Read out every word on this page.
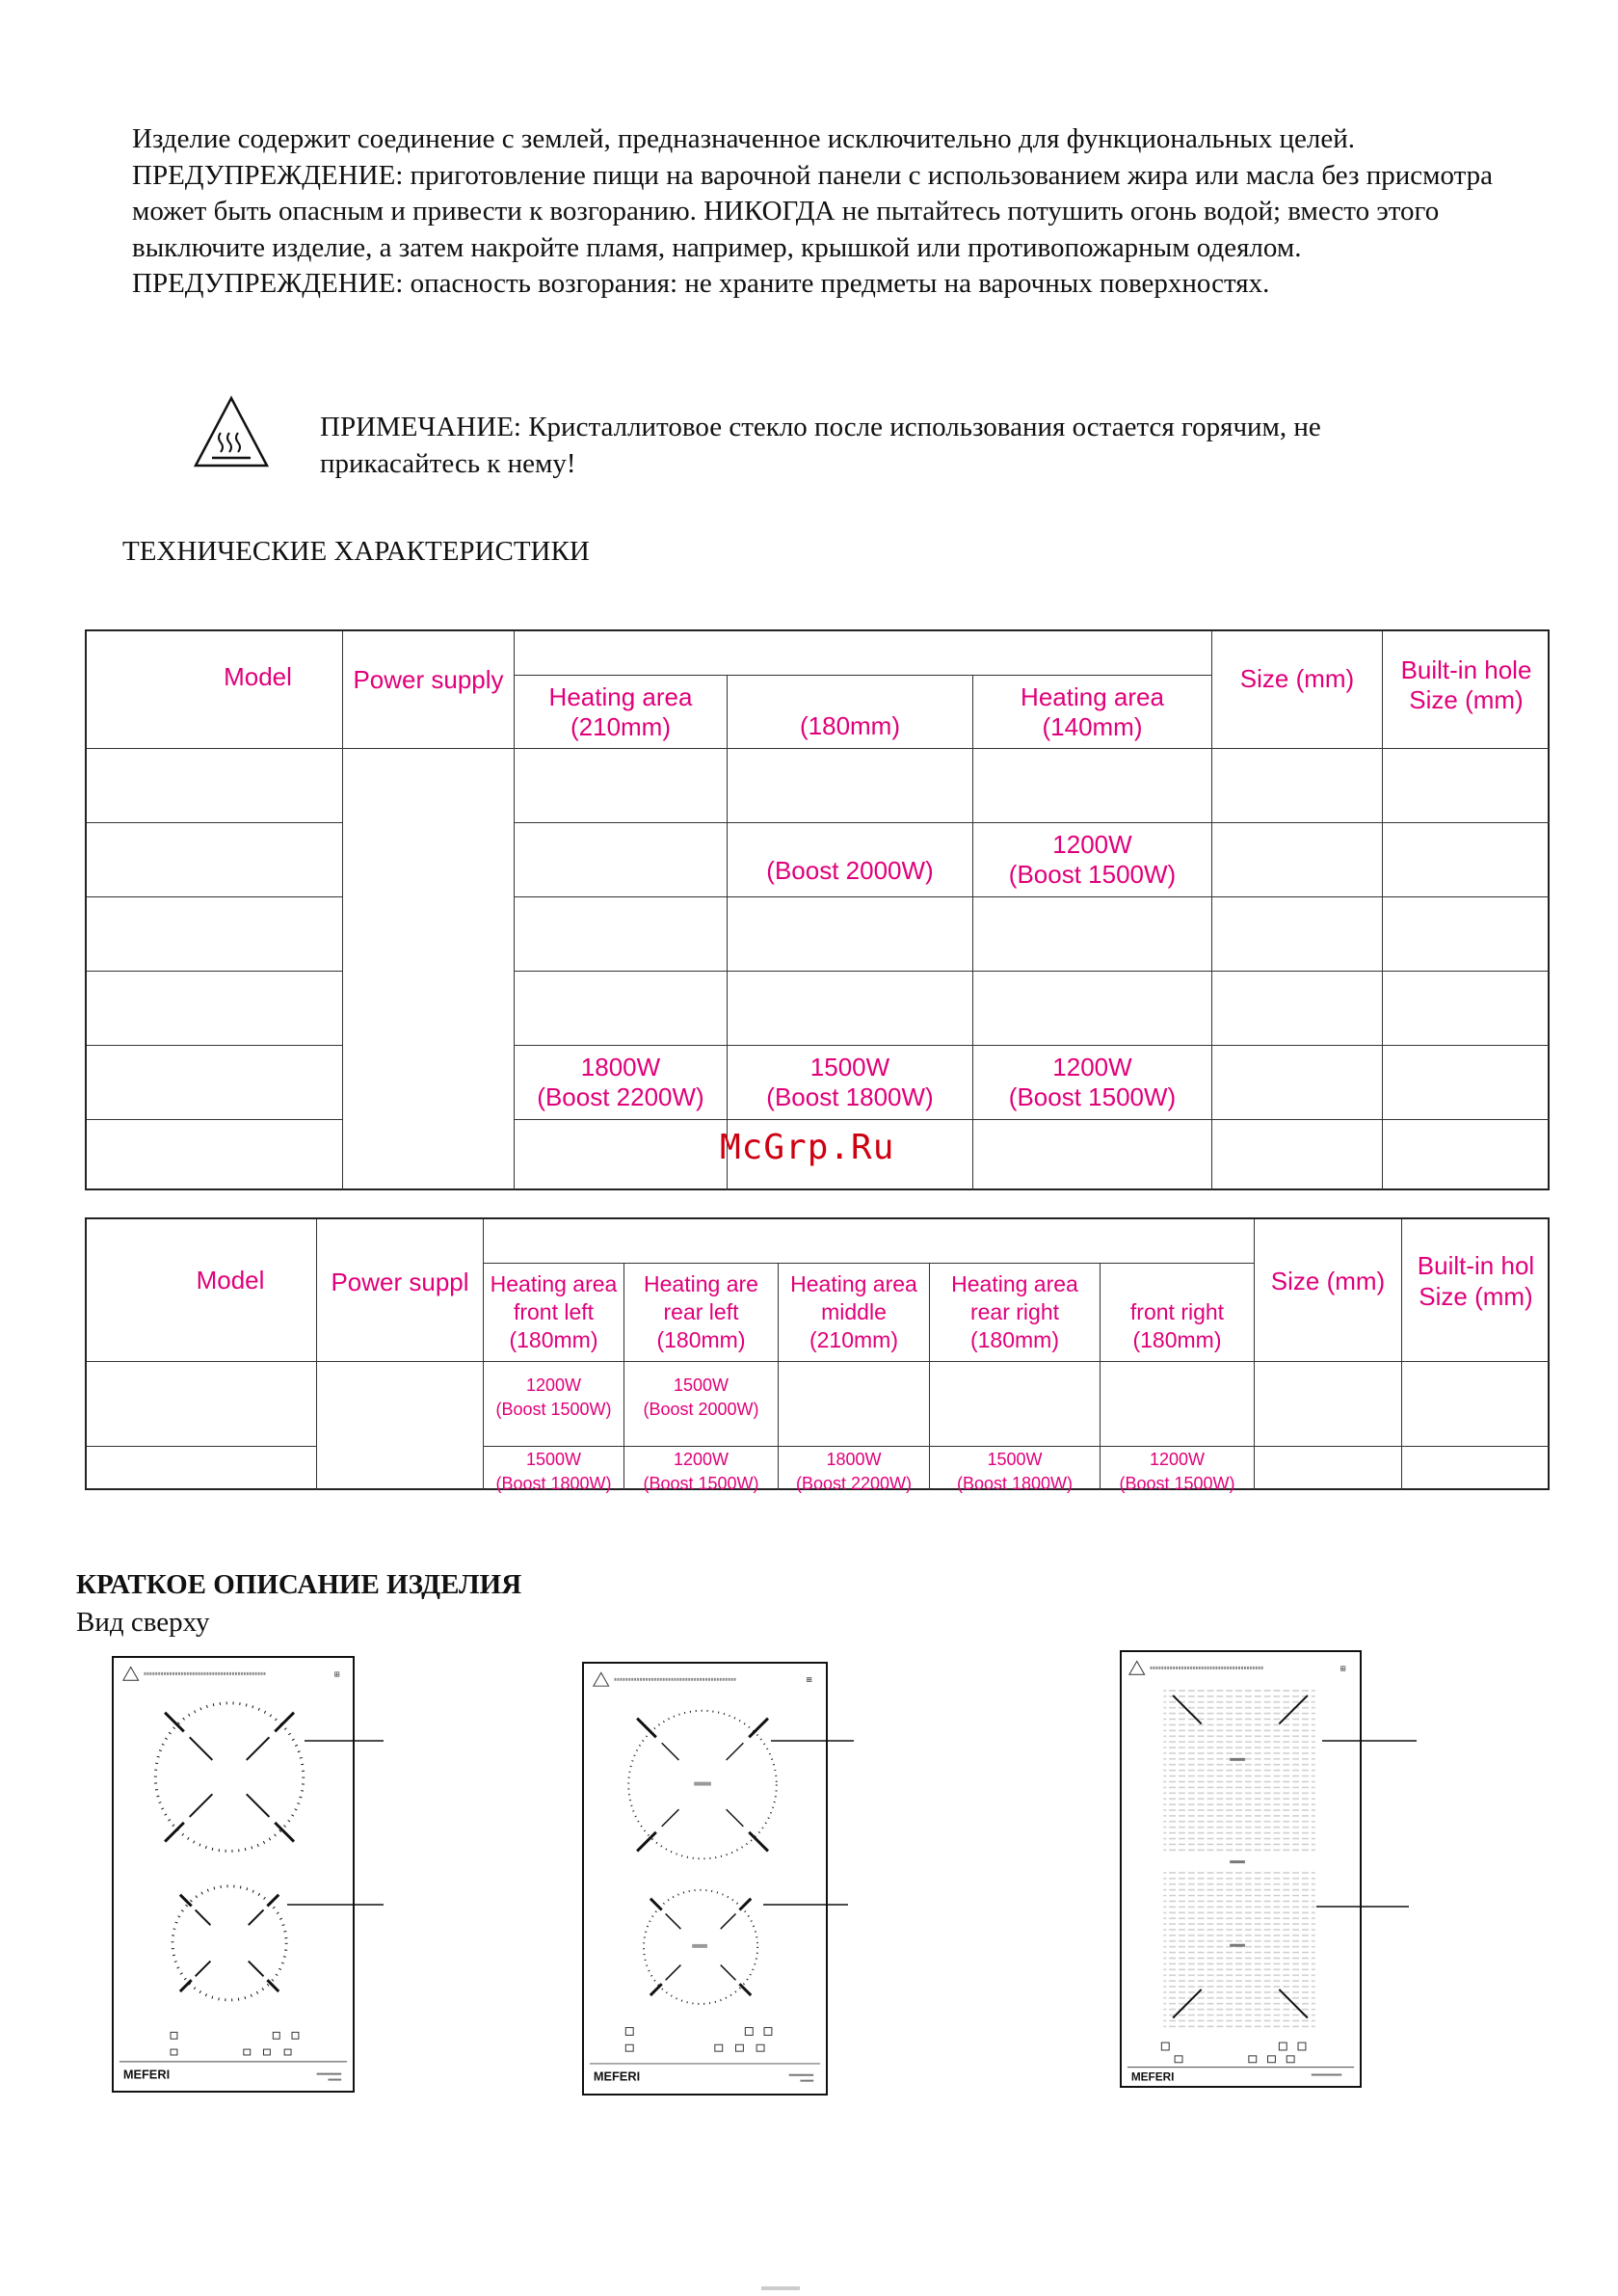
Изделие содержит соединение с землей, предназначенное исключительно для функциональных целей.

ПРЕДУПРЕЖДЕНИЕ: приготовление пищи на варочной панели с использованием жира или масла без присмотра может быть опасным и привести к возгоранию. НИКОГДА не пытайтесь потушить огонь водой; вместо этого выключите изделие, а затем накройте пламя, например, крышкой или противопожарным одеялом.

ПРЕДУПРЕЖДЕНИЕ: опасность возгорания: не храните предметы на варочных поверхностях.

ПРИМЕЧАНИЕ: Кристаллитовое стекло после использования остается горячим, не прикасайтесь к нему!
ТЕХНИЧЕСКИЕ ХАРАКТЕРИСТИКИ
Model Power supply
Heating area
(210mm)	(180mm)
Heating area
(140mm)
Size (mm) Built-in hole
Size (mm)
(Boost 2000W)
1200W
(Boost 1500W)
1800W
(Boost 2200W)
1500W
(Boost 1800W)
1200W
(Boost 1500W)
McGrp.Ru
Model	Power suppl Heating area
front left
(180mm)
Heating are
rear left
(180mm)
Heating area
middle
(210mm)
Heating area
rear right
(180mm)
front right
(180mm)
Size (mm)
Built-in hol
Size (mm)
1200W
(Boost 1500W)
1500W
(Boost 2000W)
1500W
(Boost 1800W)
1200W
(Boost 1500W)
1800W
(Boost 2200W)
1500W
(Boost 1800W)
1200W
(Boost 1500W)
КРАТКОЕ ОПИСАНИЕ ИЗДЕЛИЯ
Вид сверху
⊞
MEFERI
⊞
MEFERI
⊞
MEFERI
